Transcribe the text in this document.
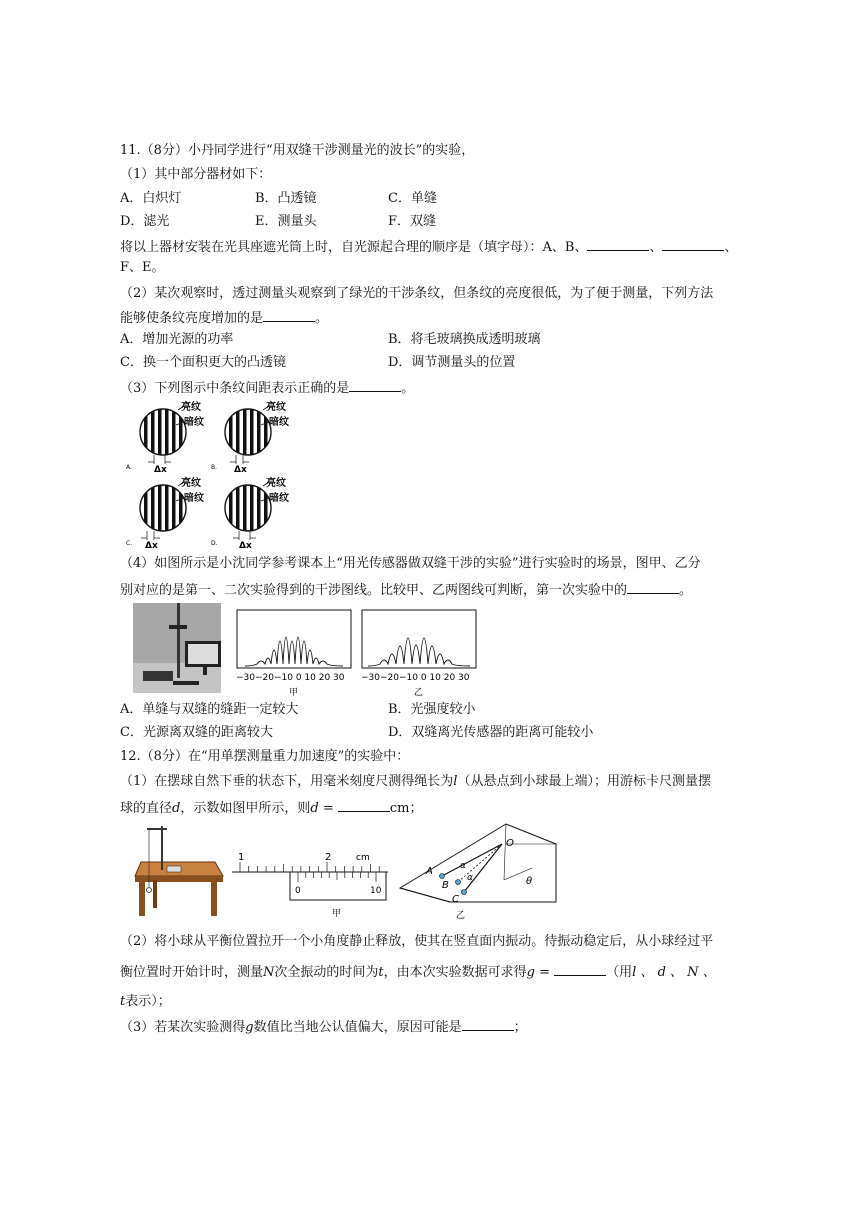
11.（8分）小丹同学进行“用双缝干涉测量光的波长”的实验，
（1）其中部分器材如下：
A．白炽灯	B．凸透镜	C．单缝
D．滤光	E．测量头	F．双缝
将以上器材安装在光具座遮光筒上时，自光源起合理的顺序是（填字母）：A、B、	、	、
F、E。
（2）某次观察时，透过测量头观察到了绿光的干涉条纹，但条纹的亮度很低，为了便于测量，下列方法
能够使条纹亮度增加的是	。
A．增加光源的功率	B．将毛玻璃换成透明玻璃
C．换一个面积更大的凸透镜	D．调节测量头的位置
（3）下列图示中条纹间距表示正确的是	。
亮纹
暗纹
Δx
A.
亮纹
暗纹
Δx
B.
亮纹
暗纹
Δx
C.
亮纹
暗纹
Δx
D.
（4）如图所示是小沈同学参考课本上“用光传感器做双缝干涉的实验”进行实验时的场景，图甲、乙分
别对应的是第一、二次实验得到的干涉图线。比较甲、乙两图线可判断，第一次实验中的	。
−30−20−10 0 10 20 30
甲
−30−20−10 0 10 20 30
乙
A．单缝与双缝的缝距一定较大	B．光强度较小
C．光源离双缝的距离较大	D．双缝离光传感器的距离可能较小
12.（8分）在“用单摆测量重力加速度”的实验中：
（1）在摆球自然下垂的状态下，用毫米刻度尺测得绳长为l（从悬点到小球最上端）；用游标卡尺测量摆
球的直径d，示数如图甲所示，则d =	cm；
1	2	cm
0	10
甲
O
A
B
C
α
α	θ
乙
（2）将小球从平衡位置拉开一个小角度静止释放，使其在竖直面内振动。待振动稳定后，从小球经过平
衡位置时开始计时，测量N次全振动的时间为t，由本次实验数据可求得g =	（用l 、 d 、 N 、
t表示）；
（3）若某次实验测得g数值比当地公认值偏大，原因可能是	；
